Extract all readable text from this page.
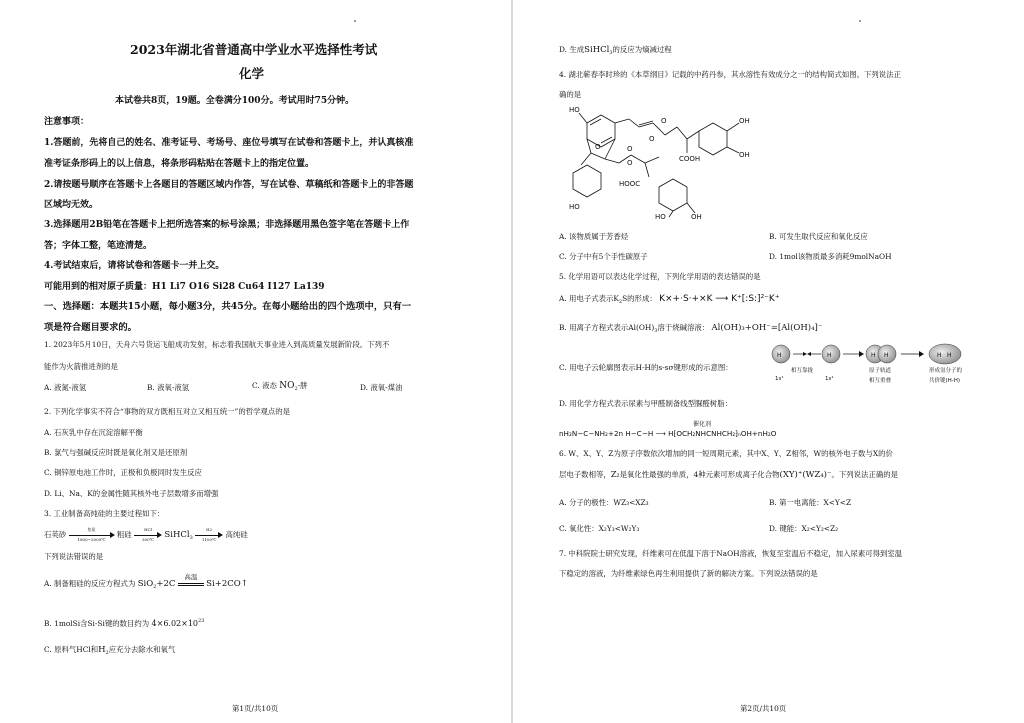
2023年湖北省普通高中学业水平选择性考试
化学
本试卷共8页，19题。全卷满分100分。考试用时75分钟。
注意事项：
1.答题前，先将自己的姓名、准考证号、考场号、座位号填写在试卷和答题卡上，并认真核准
准考证条形码上的以上信息，将条形码粘贴在答题卡上的指定位置。
2.请按题号顺序在答题卡上各题目的答题区域内作答，写在试卷、草稿纸和答题卡上的非答题
区域均无效。
3.选择题用2B铅笔在答题卡上把所选答案的标号涂黑；非选择题用黑色签字笔在答题卡上作
答；字体工整，笔迹清楚。
4.考试结束后，请将试卷和答题卡一并上交。
可能用到的相对原子质量：H1 Li7 O16 Si28 Cu64 I127 La139
一、选择题：本题共15小题，每小题3分，共45分。在每小题给出的四个选项中，只有一
项是符合题目要求的。
1. 2023年5月10日，天舟六号货运飞船成功发射，标志着我国航天事业进入到高质量发展新阶段。下列不
能作为火箭推进剂的是
A. 液氮-液氢	B. 液氧-液氢	C. 液态 $NO_2-$肼	D. 液氧-煤油
2. 下列化学事实不符合“事物的双方既相互对立又相互统一”的哲学观点的是
A. 石灰乳中存在沉淀溶解平衡
B. 氯气与强碱反应时既是氧化剂又是还原剂
C. 铜锌原电池工作时，正极和负极同时发生反应
D. Li、Na、K的金属性随其核外电子层数增多而增强
3. 工业制备高纯硅的主要过程如下：
石英砂
焦炭
1800~2000℃
粗硅
HCl
300℃	SiHCl$_3$ $\frac{H2}{1100℃}$ 高纯硅
下列说法错误的是
A. 制备粗硅的反应方程式为 SiO$_2$+2C
高温
Si+2CO↑
B. 1molSi含Si-Si键的数目约为 $4\times 6.02\times 10^{23}$
C. 原料气HCl和$H_2$应充分去除水和氧气
第1页/共10页
D. 生成SiHCl$_3$的反应为熵减过程
4. 湖北蕲春李时珍的《本草纲目》记载的中药丹参，其水溶性有效成分之一的结构简式如图。下列说法正
确的是
HO
OH
OH
O
O
O
O
O
COOH
HO
HOOC
HO	OH
A. 该物质属于芳香烃	B. 可发生取代反应和氧化反应
C. 分子中有5个手性碳原子	D. 1mol该物质最多消耗9molNaOH
5. 化学用语可以表达化学过程，下列化学用语的表达错误的是
A. 用电子式表示$K_2S$的形成： K×+·S·+×K ⟶ K⁺[:S:]²⁻K⁺
B. 用离子方程式表示$Al(OH)_3$溶于烧碱溶液： Al(OH)₃+OH⁻=[Al(OH)₄]⁻
C. 用电子云轮廓图表示H-H的s-sσ键形成的示意图：
H	H	H H	H H
1s¹
相互靠拢
1s¹
原子轨道
相互重叠
形成氢分子的
共价键(H-H)
D. 用化学方程式表示尿素与甲醛制备线型脲醛树脂：
催化剂
nH₂N−C−NH₂+2n H−C−H ⟶ H⁅OCH₂NHCNHCH₂⁆ₙOH+nH₂O
6. W、X、Y、Z为原子序数依次增加的同一短周期元素，其中X、Y、Z相邻，W的核外电子数与X的价
层电子数相等，Z₂是氧化性最强的单质，4种元素可形成离子化合物(XY)⁺(WZ₄)⁻。下列说法正确的是
A. 分子的极性：WZ₃<XZ₃	B. 第一电离能：X<Y<Z
C. 氧化性：X₂Y₃<W₂Y₃	D. 键能：X₂<Y₂<Z₂
7. 中科院院士研究发现，纤维素可在低温下溶于NaOH溶液，恢复至室温后不稳定，加入尿素可得到室温
下稳定的溶液，为纤维素绿色再生利用提供了新的解决方案。下列说法错误的是
第2页/共10页
